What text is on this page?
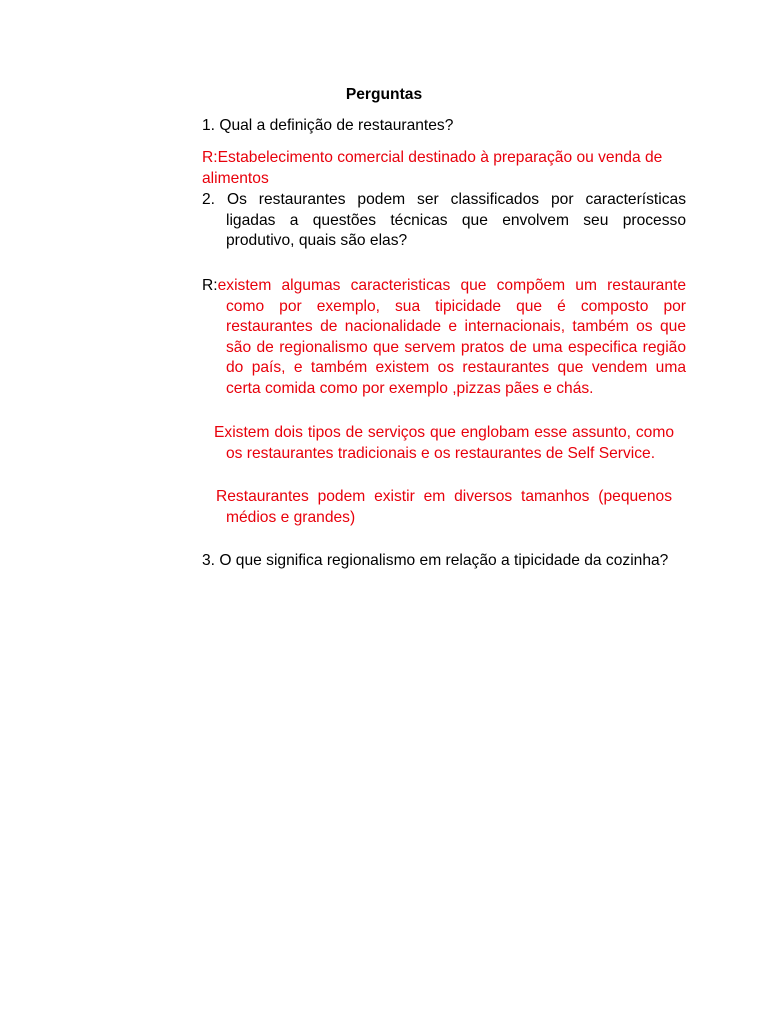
Perguntas

1. Qual a definição de restaurantes?

R:Estabelecimento comercial destinado à preparação ou venda de alimentos

2. Os restaurantes podem ser classificados por características ligadas a questões técnicas que envolvem seu processo produtivo, quais são elas?

R:existem algumas caracteristicas que compõem um restaurante como por exemplo, sua tipicidade que é composto por restaurantes de nacionalidade e internacionais, também os que são de regionalismo que servem pratos de uma especifica região do país, e também existem os restaurantes que vendem uma certa comida como por exemplo ,pizzas pães e chás.

Existem dois tipos de serviços que englobam esse assunto, como os restaurantes tradicionais e os restaurantes de Self Service.

Restaurantes podem existir em diversos tamanhos (pequenos médios e grandes)

3. O que significa regionalismo em relação a tipicidade da cozinha?
